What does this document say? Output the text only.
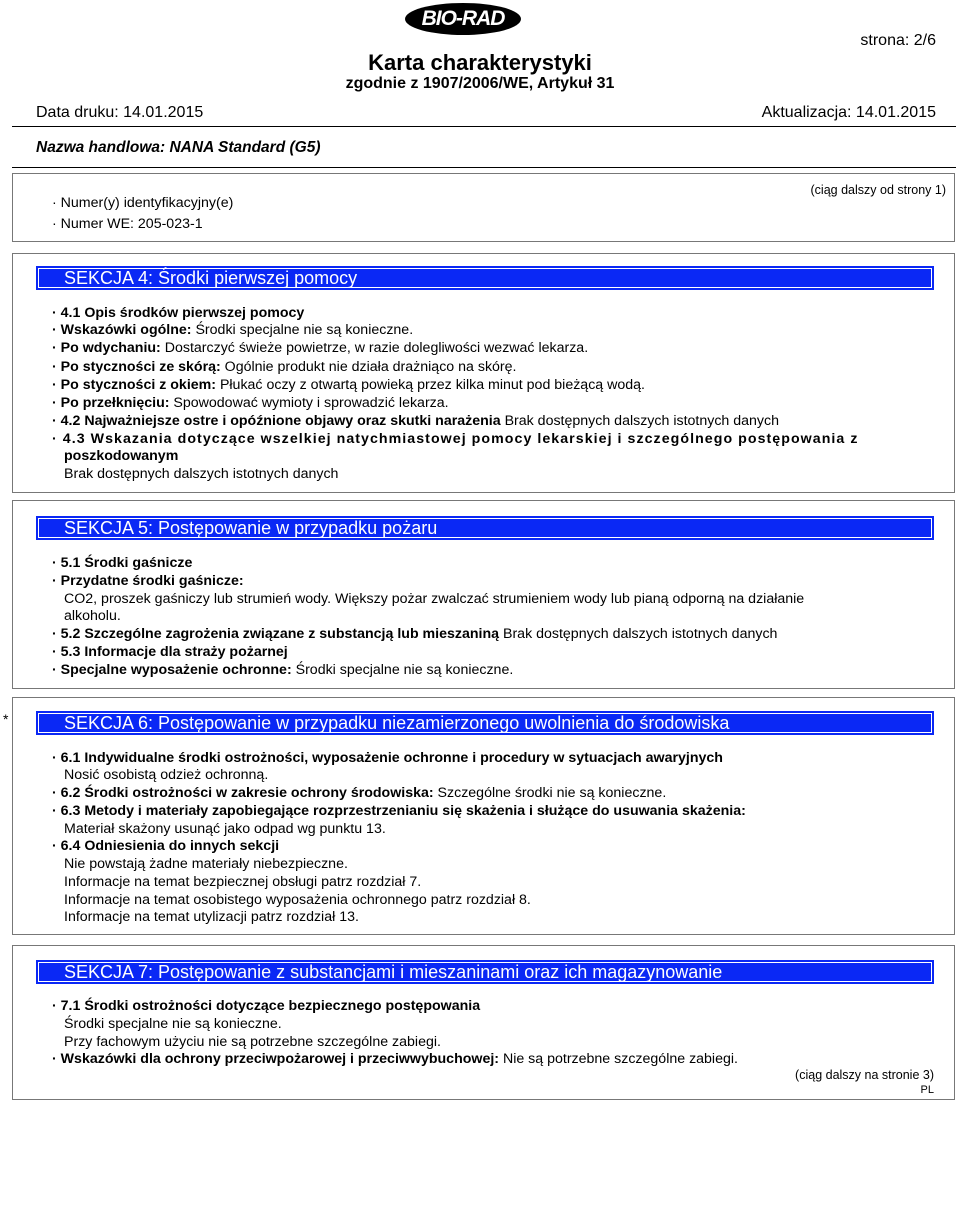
BIO-RAD
strona: 2/6
Karta charakterystyki
zgodnie z 1907/2006/WE, Artykuł 31
Data druku: 14.01.2015	Aktualizacja: 14.01.2015
Nazwa handlowa: NANA Standard (G5)
(ciąg dalszy od strony 1)
· Numer(y) identyfikacyjny(e)
· Numer WE: 205-023-1
SEKCJA 4: Środki pierwszej pomocy
· 4.1 Opis środków pierwszej pomocy
· Wskazówki ogólne: Środki specjalne nie są konieczne.
· Po wdychaniu: Dostarczyć świeże powietrze, w razie dolegliwości wezwać lekarza.
· Po styczności ze skórą: Ogólnie produkt nie działa drażniąco na skórę.
· Po styczności z okiem: Płukać oczy z otwartą powieką przez kilka minut pod bieżącą wodą.
· Po przełknięciu: Spowodować wymioty i sprowadzić lekarza.
· 4.2 Najważniejsze ostre i opóźnione objawy oraz skutki narażenia Brak dostępnych dalszych istotnych danych
· 4.3 Wskazania dotyczące wszelkiej natychmiastowej pomocy lekarskiej i szczególnego postępowania z
poszkodowanym
Brak dostępnych dalszych istotnych danych
SEKCJA 5: Postępowanie w przypadku pożaru
· 5.1 Środki gaśnicze
· Przydatne środki gaśnicze:
CO2, proszek gaśniczy lub strumień wody. Większy pożar zwalczać strumieniem wody lub pianą odporną na działanie
alkoholu.
· 5.2 Szczególne zagrożenia związane z substancją lub mieszaniną Brak dostępnych dalszych istotnych danych
· 5.3 Informacje dla straży pożarnej
· Specjalne wyposażenie ochronne: Środki specjalne nie są konieczne.
*	SEKCJA 6: Postępowanie w przypadku niezamierzonego uwolnienia do środowiska
· 6.1 Indywidualne środki ostrożności, wyposażenie ochronne i procedury w sytuacjach awaryjnych
Nosić osobistą odzież ochronną.
· 6.2 Środki ostrożności w zakresie ochrony środowiska: Szczególne środki nie są konieczne.
· 6.3 Metody i materiały zapobiegające rozprzestrzenianiu się skażenia i służące do usuwania skażenia:
Materiał skażony usunąć jako odpad wg punktu 13.
· 6.4 Odniesienia do innych sekcji
Nie powstają żadne materiały niebezpieczne.
Informacje na temat bezpiecznej obsługi patrz rozdział 7.
Informacje na temat osobistego wyposażenia ochronnego patrz rozdział 8.
Informacje na temat utylizacji patrz rozdział 13.
SEKCJA 7: Postępowanie z substancjami i mieszaninami oraz ich magazynowanie
· 7.1 Środki ostrożności dotyczące bezpiecznego postępowania
Środki specjalne nie są konieczne.
Przy fachowym użyciu nie są potrzebne szczególne zabiegi.
· Wskazówki dla ochrony przeciwpożarowej i przeciwwybuchowej: Nie są potrzebne szczególne zabiegi.
(ciąg dalszy na stronie 3)
PL
